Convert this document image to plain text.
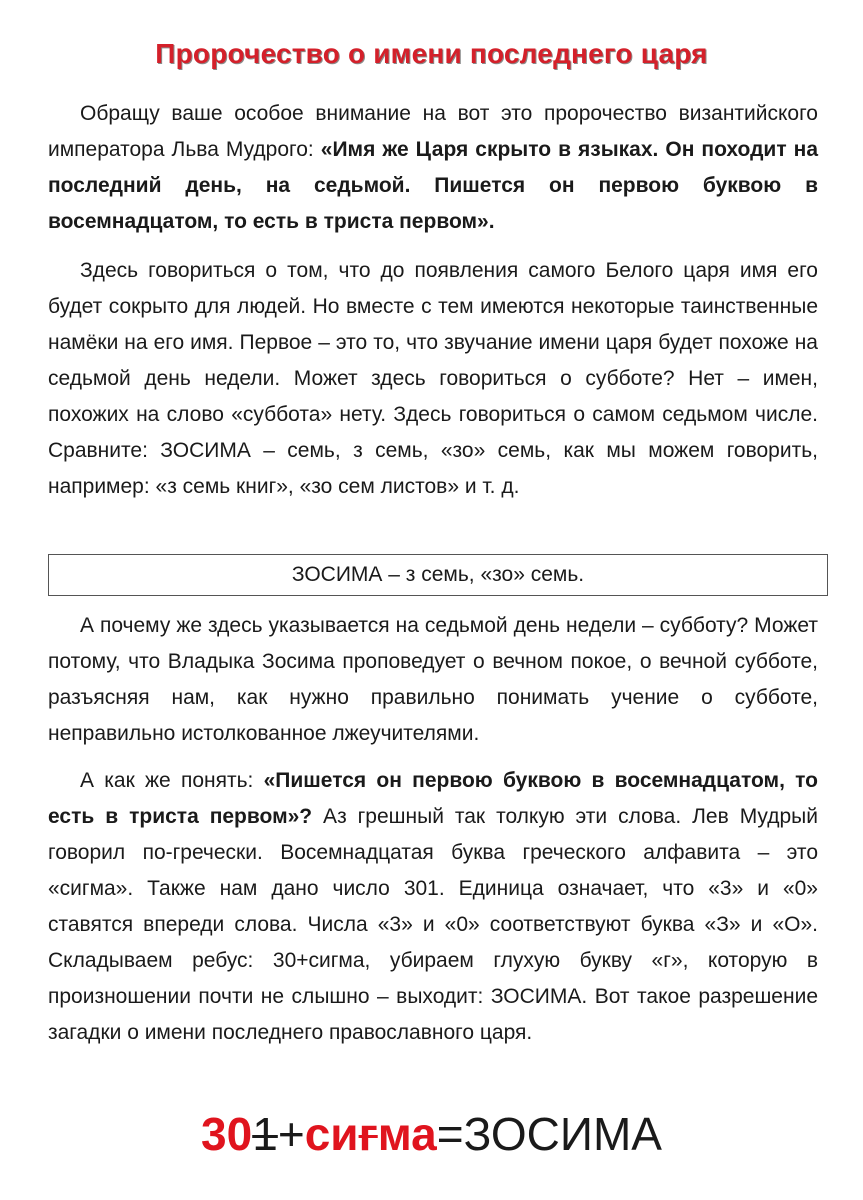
Пророчество о имени последнего царя

Обращу ваше особое внимание на вот это пророчество византийского императора Льва Мудрого: «Имя же Царя скрыто в языках. Он походит на последний день, на седьмой. Пишется он первою буквою в восемнадцатом, то есть в триста первом».

Здесь говориться о том, что до появления самого Белого царя имя его будет сокрыто для людей. Но вместе с тем имеются некоторые таинственные намёки на его имя. Первое – это то, что звучание имени царя будет похоже на седьмой день недели. Может здесь говориться о субботе? Нет – имен, похожих на слово «суббота» нету. Здесь говориться о самом седьмом числе. Сравните: ЗОСИМА – семь, з семь, «зо» семь, как мы можем говорить, например: «з семь книг», «зо сем листов» и т. д.

ЗОСИМА – з семь, «зо» семь.

А почему же здесь указывается на седьмой день недели – субботу? Может потому, что Владыка Зосима проповедует о вечном покое, о вечной субботе, разъясняя нам, как нужно правильно понимать учение о субботе, неправильно истолкованное лжеучителями.

А как же понять: «Пишется он первою буквою в восемнадцатом, то есть в триста первом»? Аз грешный так толкую эти слова. Лев Мудрый говорил по-гречески. Восемнадцатая буква греческого алфавита – это «сигма». Также нам дано число 301. Единица означает, что «3» и «0» ставятся впереди слова. Числа «3» и «0» соответствуют буква «З» и «О». Складываем ребус: 30+сигма, убираем глухую букву «г», которую в произношении почти не слышно – выходит: ЗОСИМА. Вот такое разрешение загадки о имени последнего православного царя.

301+сигма=ЗОСИМА
